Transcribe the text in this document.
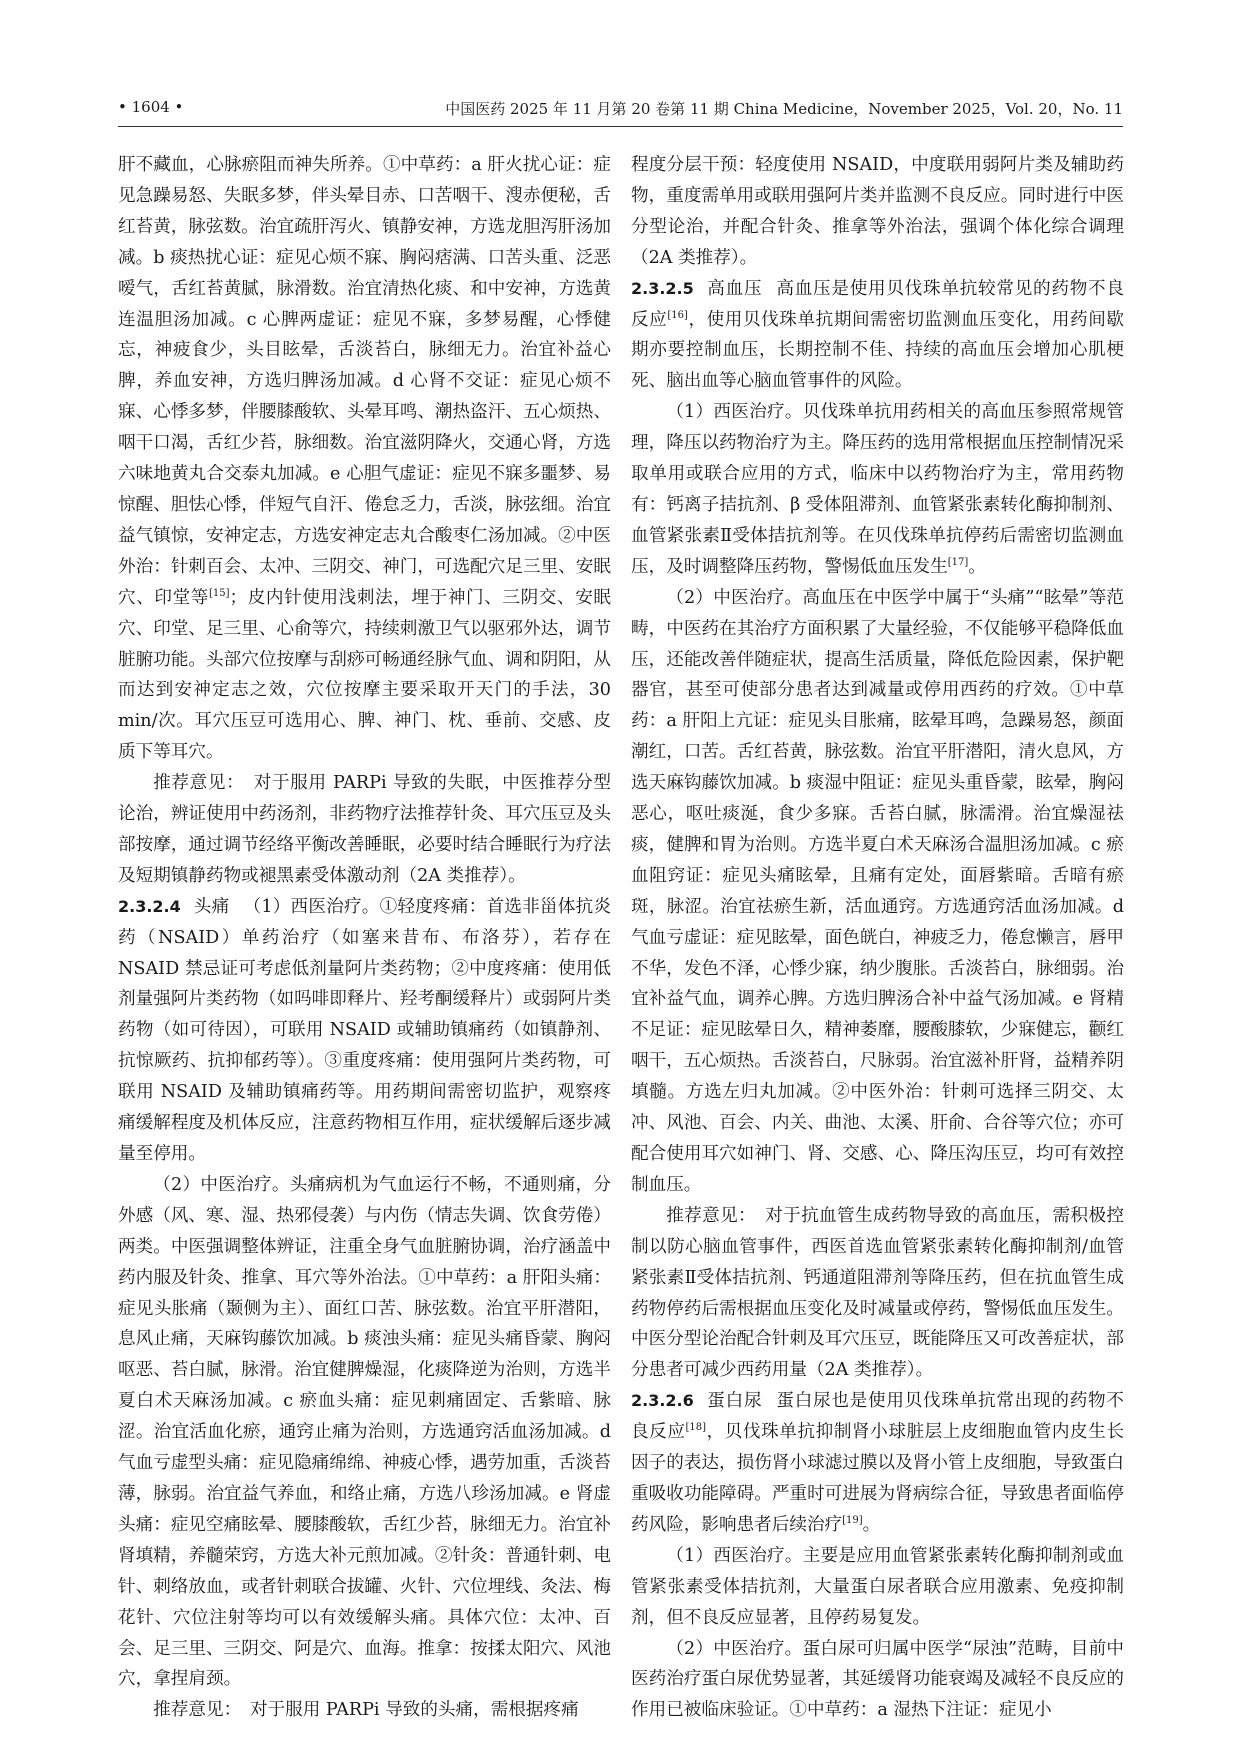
• 1604 •	中国医药 2025 年 11 月第 20 卷第 11 期 China Medicine，November 2025，Vol. 20，No. 11

肝不藏血，心脉瘀阻而神失所养。①中草药：a 肝火扰心证：症见急躁易怒、失眠多梦，伴头晕目赤、口苦咽干、溲赤便秘，舌红苔黄，脉弦数。治宜疏肝泻火、镇静安神，方选龙胆泻肝汤加减。b 痰热扰心证：症见心烦不寐、胸闷痞满、口苦头重、泛恶嗳气，舌红苔黄腻，脉滑数。治宜清热化痰、和中安神，方选黄连温胆汤加减。c 心脾两虚证：症见不寐，多梦易醒，心悸健忘，神疲食少，头目眩晕，舌淡苔白，脉细无力。治宜补益心脾，养血安神，方选归脾汤加减。d 心肾不交证：症见心烦不寐、心悸多梦，伴腰膝酸软、头晕耳鸣、潮热盗汗、五心烦热、咽干口渴，舌红少苔，脉细数。治宜滋阴降火，交通心肾，方选六味地黄丸合交泰丸加减。e 心胆气虚证：症见不寐多噩梦、易惊醒、胆怯心悸，伴短气自汗、倦怠乏力，舌淡，脉弦细。治宜益气镇惊，安神定志，方选安神定志丸合酸枣仁汤加减。②中医外治：针刺百会、太冲、三阴交、神门，可选配穴足三里、安眠穴、印堂等[15]；皮内针使用浅刺法，埋于神门、三阴交、安眠穴、印堂、足三里、心俞等穴，持续刺激卫气以驱邪外达，调节脏腑功能。头部穴位按摩与刮痧可畅通经脉气血、调和阴阳，从而达到安神定志之效，穴位按摩主要采取开天门的手法，30 min/次。耳穴压豆可选用心、脾、神门、枕、垂前、交感、皮质下等耳穴。

推荐意见：　对于服用 PARPi 导致的失眠，中医推荐分型论治，辨证使用中药汤剂，非药物疗法推荐针灸、耳穴压豆及头部按摩，通过调节经络平衡改善睡眠，必要时结合睡眠行为疗法及短期镇静药物或褪黑素受体激动剂（2A 类推荐）。

2.3.2.4 头痛 （1）西医治疗。①轻度疼痛：首选非甾体抗炎药（NSAID）单药治疗（如塞来昔布、布洛芬），若存在 NSAID 禁忌证可考虑低剂量阿片类药物；②中度疼痛：使用低剂量强阿片类药物（如吗啡即释片、羟考酮缓释片）或弱阿片类药物（如可待因），可联用 NSAID 或辅助镇痛药（如镇静剂、抗惊厥药、抗抑郁药等）。③重度疼痛：使用强阿片类药物，可联用 NSAID 及辅助镇痛药等。用药期间需密切监护，观察疼痛缓解程度及机体反应，注意药物相互作用，症状缓解后逐步减量至停用。

（2）中医治疗。头痛病机为气血运行不畅，不通则痛，分外感（风、寒、湿、热邪侵袭）与内伤（情志失调、饮食劳倦）两类。中医强调整体辨证，注重全身气血脏腑协调，治疗涵盖中药内服及针灸、推拿、耳穴等外治法。①中草药：a 肝阳头痛：症见头胀痛（颞侧为主）、面红口苦、脉弦数。治宜平肝潜阳，息风止痛，天麻钩藤饮加减。b 痰浊头痛：症见头痛昏蒙、胸闷呕恶、苔白腻，脉滑。治宜健脾燥湿，化痰降逆为治则，方选半夏白术天麻汤加减。c 瘀血头痛：症见刺痛固定、舌紫暗、脉涩。治宜活血化瘀，通窍止痛为治则，方选通窍活血汤加减。d 气血亏虚型头痛：症见隐痛绵绵、神疲心悸，遇劳加重，舌淡苔薄，脉弱。治宜益气养血，和络止痛，方选八珍汤加减。e 肾虚头痛：症见空痛眩晕、腰膝酸软，舌红少苔，脉细无力。治宜补肾填精，养髓荣窍，方选大补元煎加减。②针灸：普通针刺、电针、刺络放血，或者针刺联合拔罐、火针、穴位埋线、灸法、梅花针、穴位注射等均可以有效缓解头痛。具体穴位：太冲、百会、足三里、三阴交、阿是穴、血海。推拿：按揉太阳穴、风池穴，拿捏肩颈。

推荐意见：　对于服用 PARPi 导致的头痛，需根据疼痛

程度分层干预：轻度使用 NSAID，中度联用弱阿片类及辅助药物，重度需单用或联用强阿片类并监测不良反应。同时进行中医分型论治，并配合针灸、推拿等外治法，强调个体化综合调理（2A 类推荐）。

2.3.2.5 高血压 高血压是使用贝伐珠单抗较常见的药物不良反应[16]，使用贝伐珠单抗期间需密切监测血压变化，用药间歇期亦要控制血压，长期控制不佳、持续的高血压会增加心肌梗死、脑出血等心脑血管事件的风险。

（1）西医治疗。贝伐珠单抗用药相关的高血压参照常规管理，降压以药物治疗为主。降压药的选用常根据血压控制情况采取单用或联合应用的方式，临床中以药物治疗为主，常用药物有：钙离子拮抗剂、β 受体阻滞剂、血管紧张素转化酶抑制剂、血管紧张素Ⅱ受体拮抗剂等。在贝伐珠单抗停药后需密切监测血压，及时调整降压药物，警惕低血压发生[17]。

（2）中医治疗。高血压在中医学中属于“头痛”“眩晕”等范畴，中医药在其治疗方面积累了大量经验，不仅能够平稳降低血压，还能改善伴随症状，提高生活质量，降低危险因素，保护靶器官，甚至可使部分患者达到减量或停用西药的疗效。①中草药：a 肝阳上亢证：症见头目胀痛，眩晕耳鸣，急躁易怒，颜面潮红，口苦。舌红苔黄，脉弦数。治宜平肝潜阳，清火息风，方选天麻钩藤饮加减。b 痰湿中阻证：症见头重昏蒙，眩晕，胸闷恶心，呕吐痰涎，食少多寐。舌苔白腻，脉濡滑。治宜燥湿祛痰，健脾和胃为治则。方选半夏白术天麻汤合温胆汤加减。c 瘀血阻窍证：症见头痛眩晕，且痛有定处，面唇紫暗。舌暗有瘀斑，脉涩。治宜祛瘀生新，活血通窍。方选通窍活血汤加减。d 气血亏虚证：症见眩晕，面色㿠白，神疲乏力，倦怠懒言，唇甲不华，发色不泽，心悸少寐，纳少腹胀。舌淡苔白，脉细弱。治宜补益气血，调养心脾。方选归脾汤合补中益气汤加减。e 肾精不足证：症见眩晕日久，精神萎靡，腰酸膝软，少寐健忘，颧红咽干，五心烦热。舌淡苔白，尺脉弱。治宜滋补肝肾，益精养阴填髓。方选左归丸加减。②中医外治：针刺可选择三阴交、太冲、风池、百会、内关、曲池、太溪、肝俞、合谷等穴位；亦可配合使用耳穴如神门、肾、交感、心、降压沟压豆，均可有效控制血压。

推荐意见：　对于抗血管生成药物导致的高血压，需积极控制以防心脑血管事件，西医首选血管紧张素转化酶抑制剂/血管紧张素Ⅱ受体拮抗剂、钙通道阻滞剂等降压药，但在抗血管生成药物停药后需根据血压变化及时减量或停药，警惕低血压发生。中医分型论治配合针刺及耳穴压豆，既能降压又可改善症状，部分患者可减少西药用量（2A 类推荐）。

2.3.2.6 蛋白尿 蛋白尿也是使用贝伐珠单抗常出现的药物不良反应[18]，贝伐珠单抗抑制肾小球脏层上皮细胞血管内皮生长因子的表达，损伤肾小球滤过膜以及肾小管上皮细胞，导致蛋白重吸收功能障碍。严重时可进展为肾病综合征，导致患者面临停药风险，影响患者后续治疗[19]。

（1）西医治疗。主要是应用血管紧张素转化酶抑制剂或血管紧张素受体拮抗剂，大量蛋白尿者联合应用激素、免疫抑制剂，但不良反应显著，且停药易复发。

（2）中医治疗。蛋白尿可归属中医学“尿浊”范畴，目前中医药治疗蛋白尿优势显著，其延缓肾功能衰竭及减轻不良反应的作用已被临床验证。①中草药：a 湿热下注证：症见小
